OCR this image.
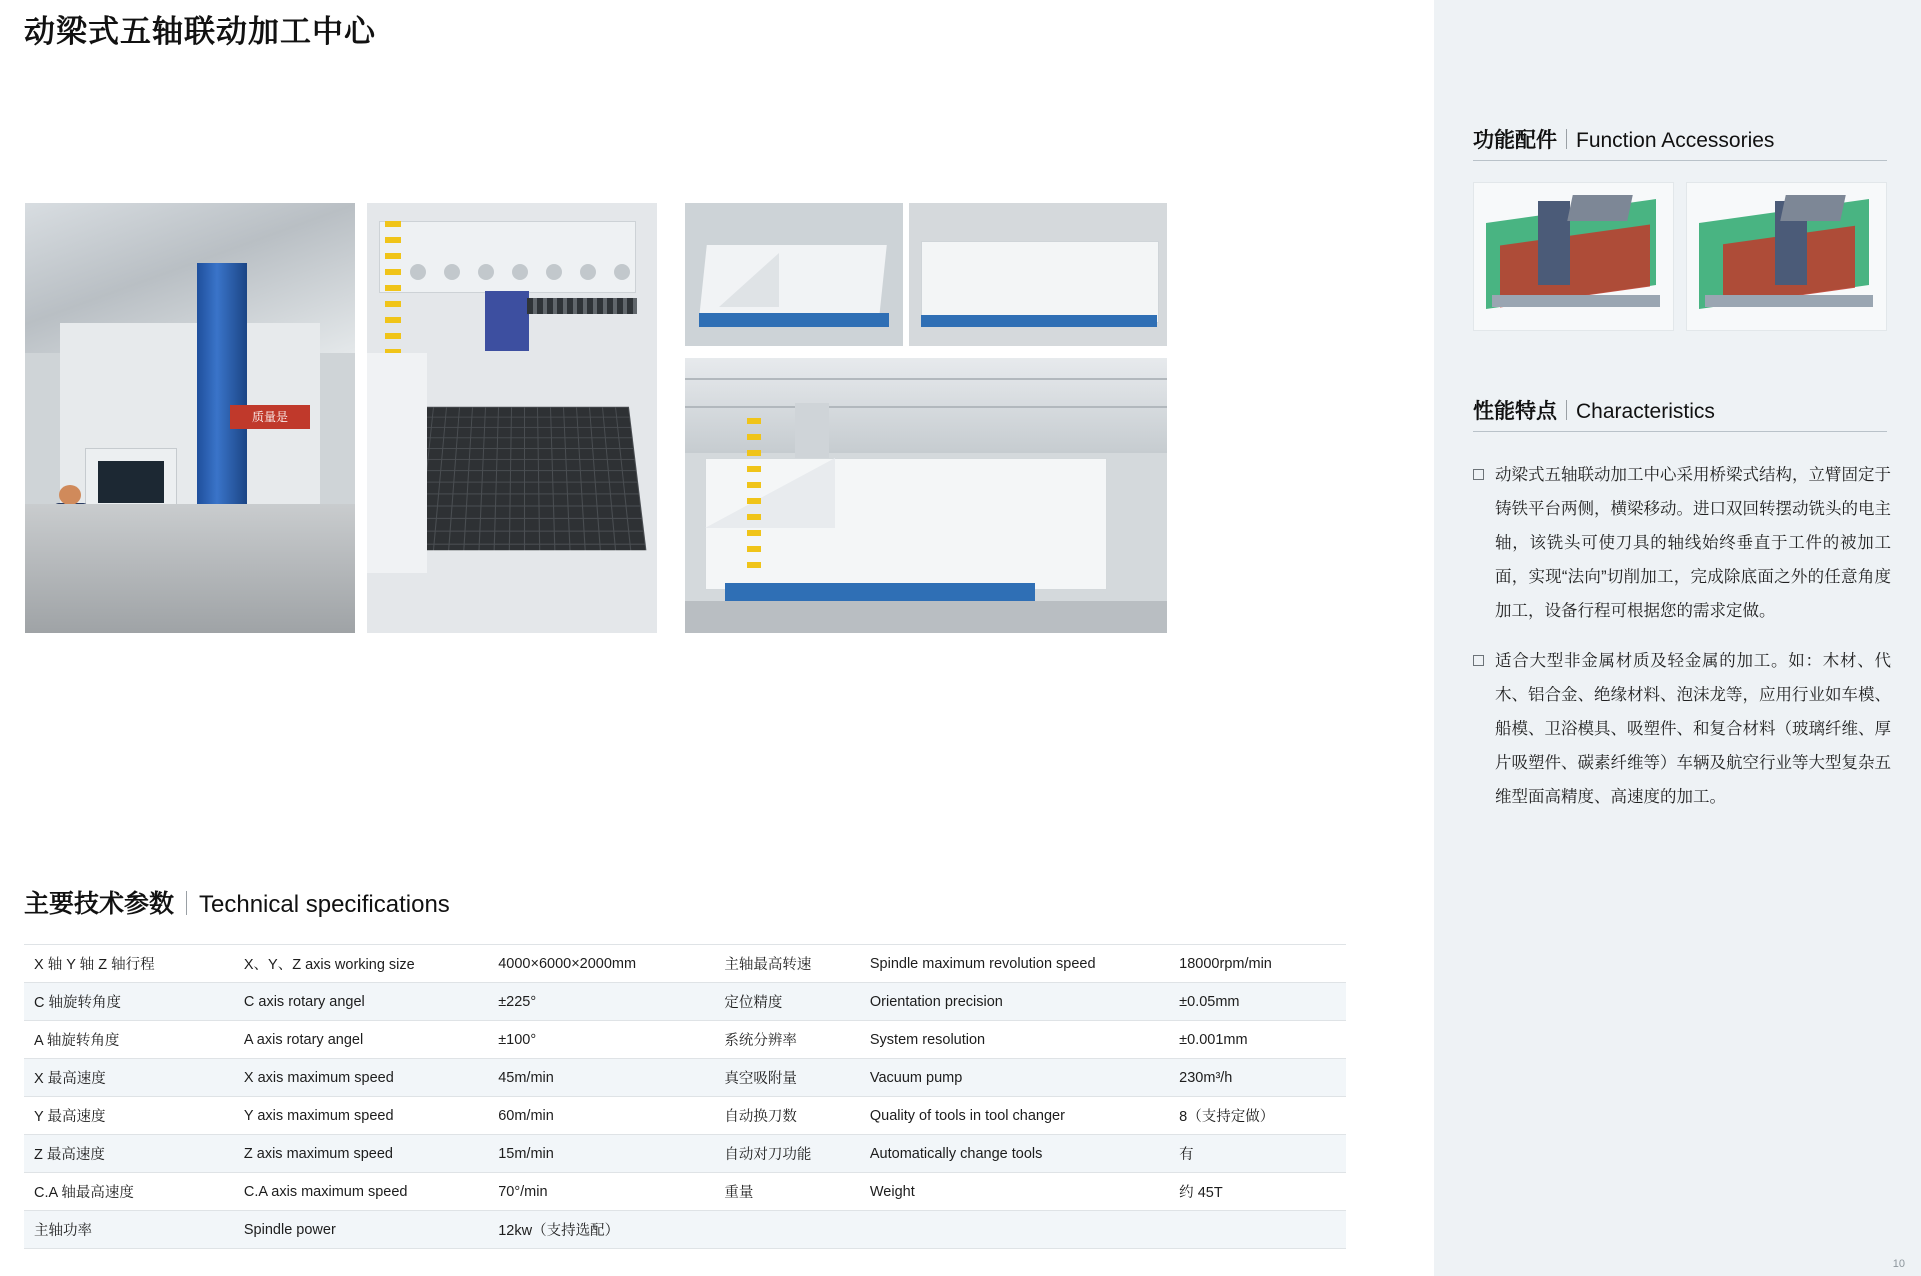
动梁式五轴联动加工中心
质量是
主要技术参数 Technical specifications
X 轴 Y 轴 Z 轴行程	X、Y、Z axis working size	4000×6000×2000mm	主轴最高转速	Spindle maximum revolution speed	18000rpm/min
C 轴旋转角度	C axis rotary angel	±225°	定位精度	Orientation precision	±0.05mm
A 轴旋转角度	A axis rotary angel	±100°	系统分辨率	System resolution	±0.001mm
X 最高速度	X axis maximum speed	45m/min	真空吸附量	Vacuum pump	230m³/h
Y 最高速度	Y axis maximum speed	60m/min	自动换刀数	Quality of tools in tool changer	8（支持定做）
Z 最高速度	Z axis maximum speed	15m/min	自动对刀功能	Automatically change tools	有
C.A 轴最高速度	C.A axis maximum speed	70°/min	重量	Weight	约 45T
主轴功率	Spindle power	12kw（支持选配）			
功能配件 Function Accessories
性能特点 Characteristics
动梁式五轴联动加工中心采用桥梁式结构，立臂固定于铸铁平台两侧，横梁移动。进口双回转摆动铣头的电主轴，该铣头可使刀具的轴线始终垂直于工件的被加工面，实现“法向”切削加工，完成除底面之外的任意角度加工，设备行程可根据您的需求定做。
适合大型非金属材质及轻金属的加工。如：木材、代木、铝合金、绝缘材料、泡沫龙等，应用行业如车模、船模、卫浴模具、吸塑件、和复合材料（玻璃纤维、厚片吸塑件、碳素纤维等）车辆及航空行业等大型复杂五维型面高精度、高速度的加工。
10
